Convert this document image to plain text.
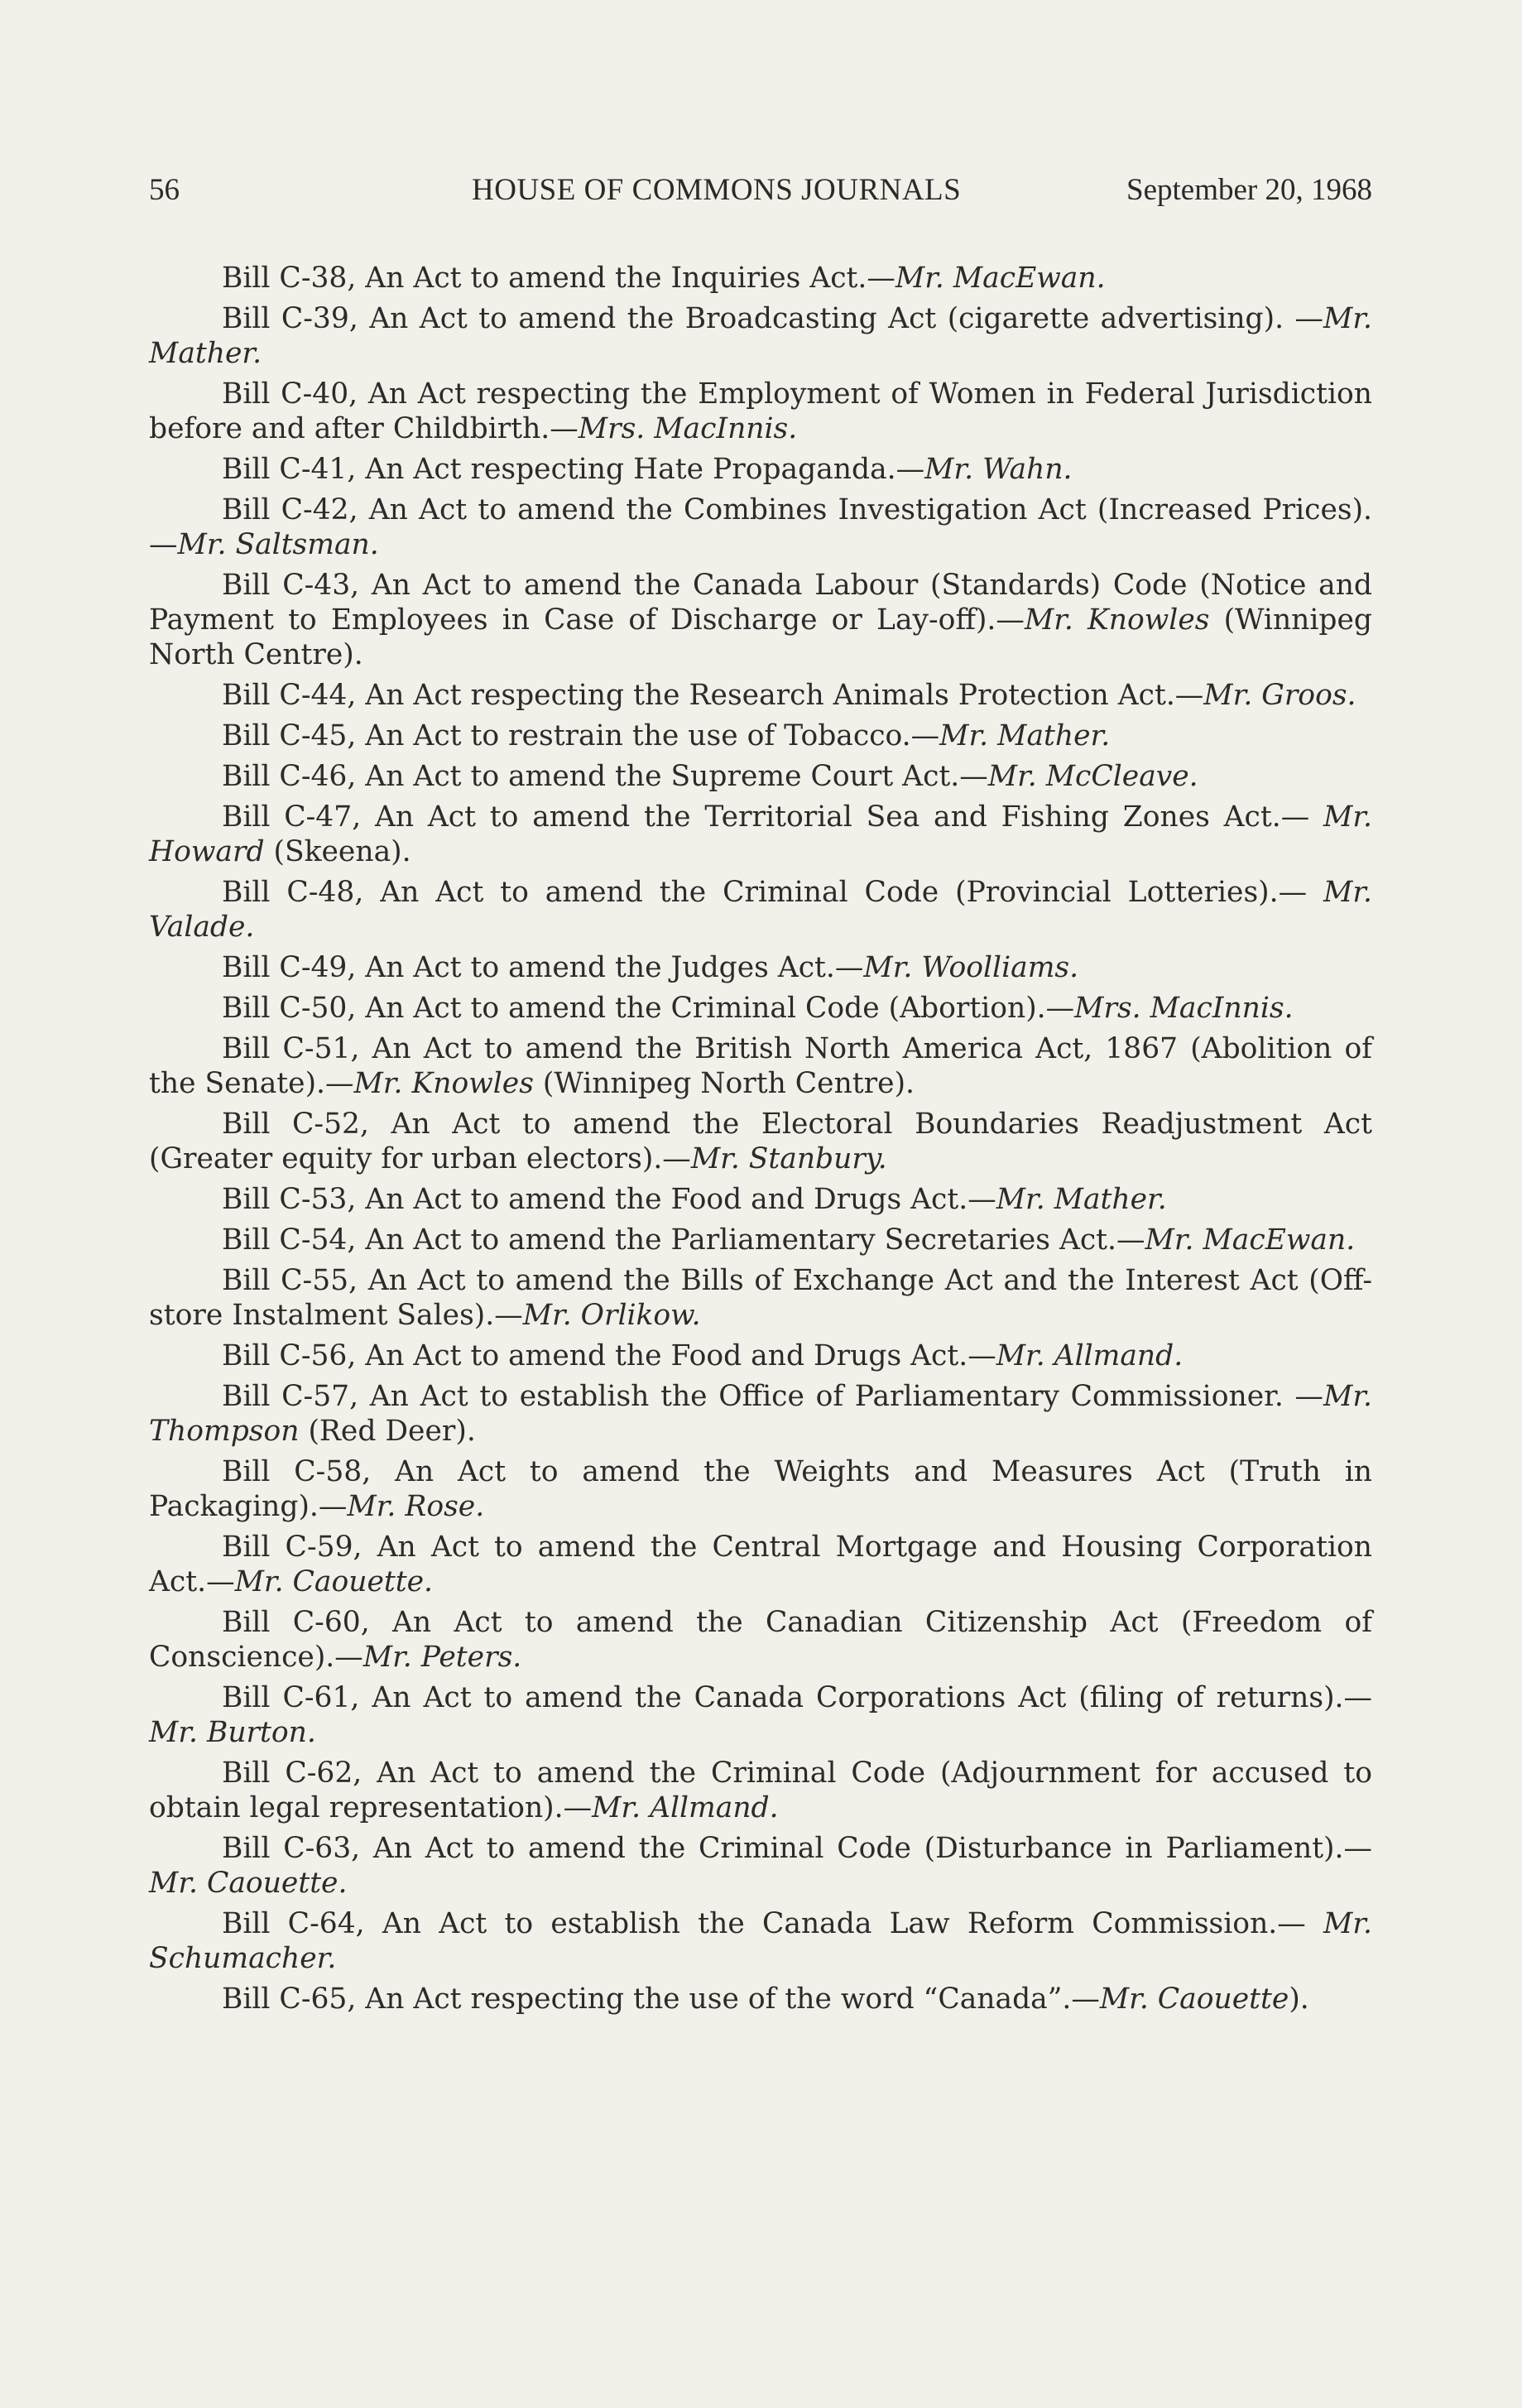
56	HOUSE OF COMMONS JOURNALS	September 20, 1968

Bill C-38, An Act to amend the Inquiries Act.—Mr. MacEwan.

Bill C-39, An Act to amend the Broadcasting Act (cigarette advertising). —Mr. Mather.

Bill C-40, An Act respecting the Employment of Women in Federal Jurisdiction before and after Childbirth.—Mrs. MacInnis.

Bill C-41, An Act respecting Hate Propaganda.—Mr. Wahn.

Bill C-42, An Act to amend the Combines Investigation Act (Increased Prices).—Mr. Saltsman.

Bill C-43, An Act to amend the Canada Labour (Standards) Code (Notice and Payment to Employees in Case of Discharge or Lay-off).—Mr. Knowles (Winnipeg North Centre).

Bill C-44, An Act respecting the Research Animals Protection Act.—Mr. Groos.

Bill C-45, An Act to restrain the use of Tobacco.—Mr. Mather.

Bill C-46, An Act to amend the Supreme Court Act.—Mr. McCleave.

Bill C-47, An Act to amend the Territorial Sea and Fishing Zones Act.— Mr. Howard (Skeena).

Bill C-48, An Act to amend the Criminal Code (Provincial Lotteries).— Mr. Valade.

Bill C-49, An Act to amend the Judges Act.—Mr. Woolliams.

Bill C-50, An Act to amend the Criminal Code (Abortion).—Mrs. MacInnis.

Bill C-51, An Act to amend the British North America Act, 1867 (Abolition of the Senate).—Mr. Knowles (Winnipeg North Centre).

Bill C-52, An Act to amend the Electoral Boundaries Readjustment Act (Greater equity for urban electors).—Mr. Stanbury.

Bill C-53, An Act to amend the Food and Drugs Act.—Mr. Mather.

Bill C-54, An Act to amend the Parliamentary Secretaries Act.—Mr. MacEwan.

Bill C-55, An Act to amend the Bills of Exchange Act and the Interest Act (Off-store Instalment Sales).—Mr. Orlikow.

Bill C-56, An Act to amend the Food and Drugs Act.—Mr. Allmand.

Bill C-57, An Act to establish the Office of Parliamentary Commissioner. —Mr. Thompson (Red Deer).

Bill C-58, An Act to amend the Weights and Measures Act (Truth in Packaging).—Mr. Rose.

Bill C-59, An Act to amend the Central Mortgage and Housing Corporation Act.—Mr. Caouette.

Bill C-60, An Act to amend the Canadian Citizenship Act (Freedom of Conscience).—Mr. Peters.

Bill C-61, An Act to amend the Canada Corporations Act (filing of returns).—Mr. Burton.

Bill C-62, An Act to amend the Criminal Code (Adjournment for accused to obtain legal representation).—Mr. Allmand.

Bill C-63, An Act to amend the Criminal Code (Disturbance in Parliament).—Mr. Caouette.

Bill C-64, An Act to establish the Canada Law Reform Commission.— Mr. Schumacher.

Bill C-65, An Act respecting the use of the word “Canada”.—Mr. Caouette).
